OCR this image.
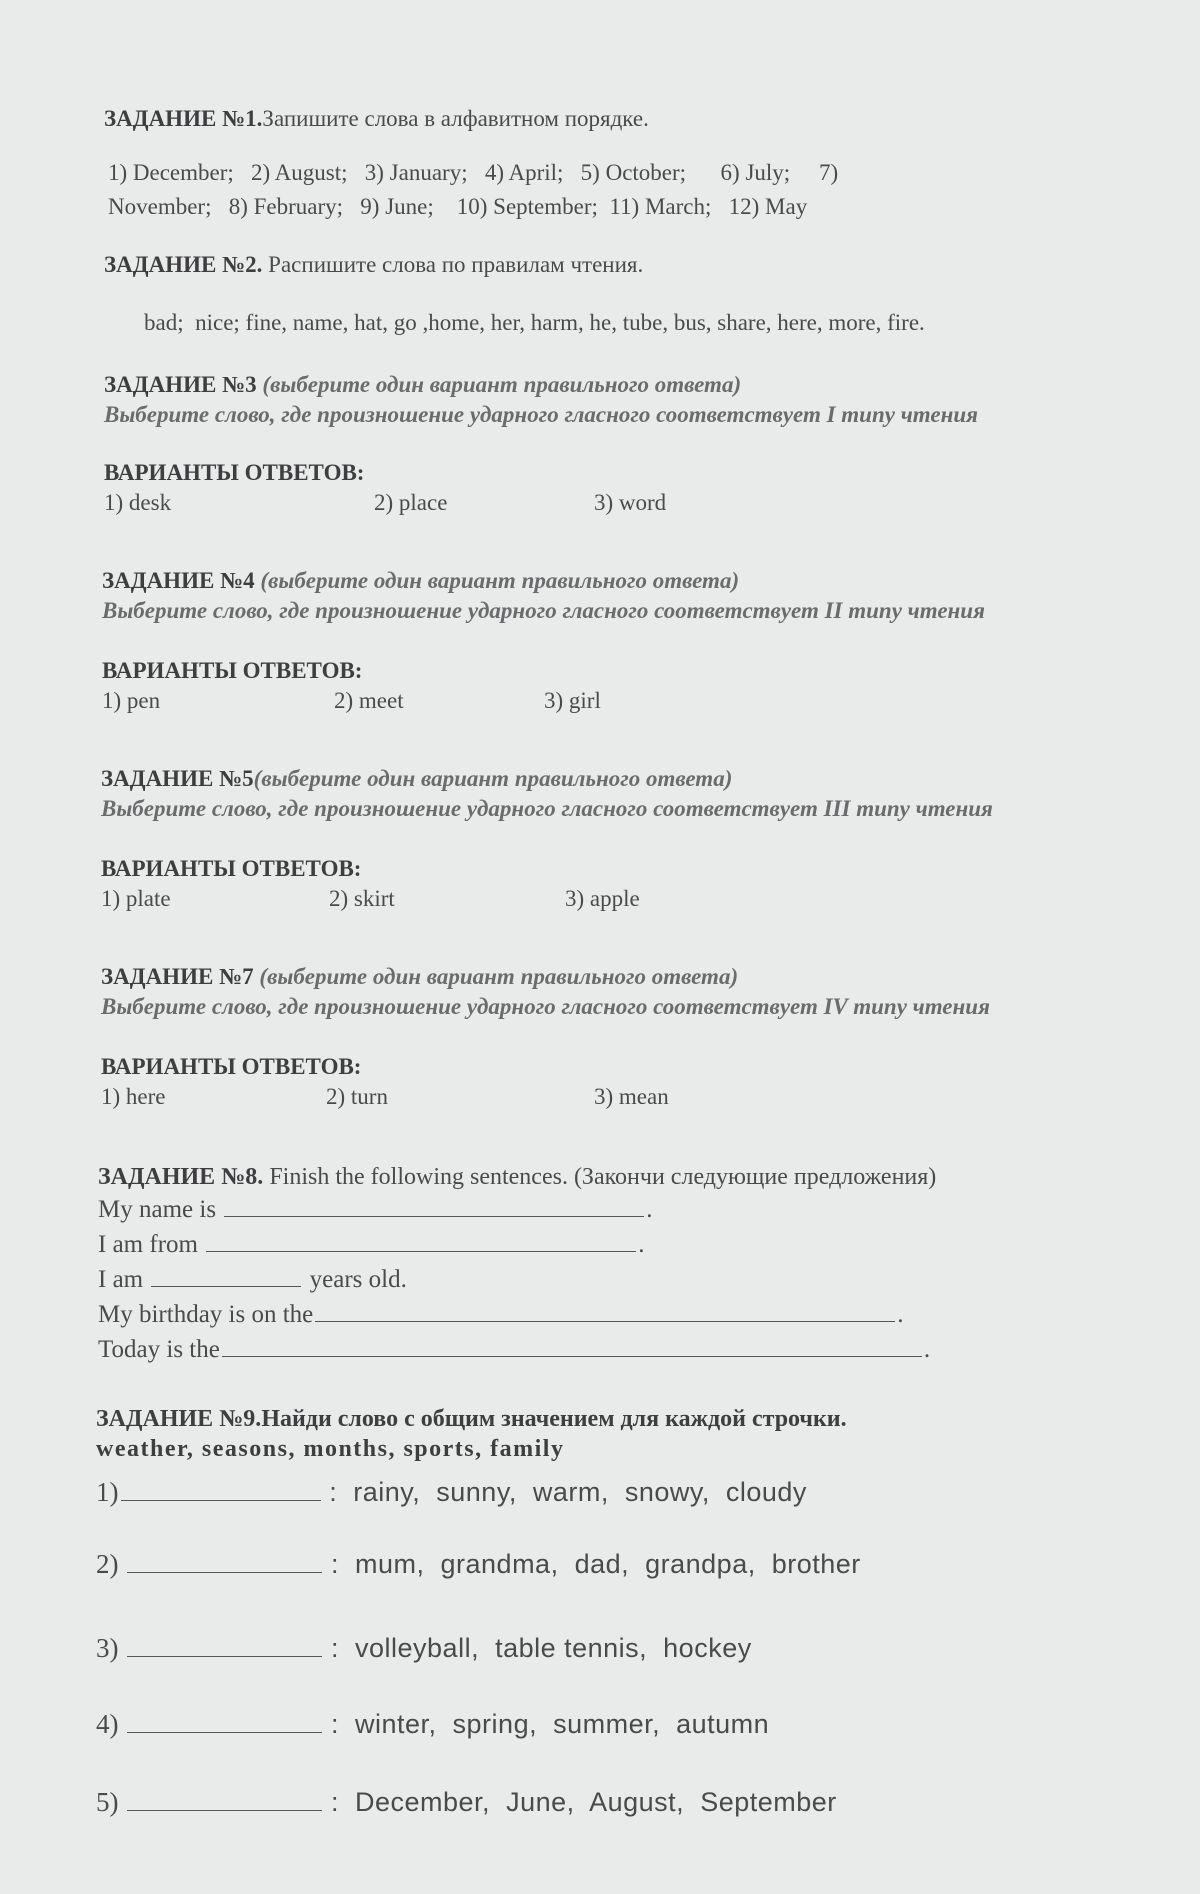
ЗАДАНИЕ №1.Запишите слова в алфавитном порядке.
1) December;   2) August;   3) January;   4) April;   5) October;      6) July;     7)
November;   8) February;   9) June;    10) September;  11) March;   12) May
ЗАДАНИЕ №2. Распишите слова по правилам чтения.
bad;  nice; fine, name, hat, go ,home, her, harm, he, tube, bus, share, here, more, fire.
ЗАДАНИЕ №3 (выберите один вариант правильного ответа)
Выберите слово, где произношение ударного гласного соответствует I типу чтения
ВАРИАНТЫ ОТВЕТОВ:
1) desk	2) place	3) word
ЗАДАНИЕ №4 (выберите один вариант правильного ответа)
Выберите слово, где произношение ударного гласного соответствует II типу чтения
ВАРИАНТЫ ОТВЕТОВ:
1) pen	2) meet	3) girl
ЗАДАНИЕ №5(выберите один вариант правильного ответа)
Выберите слово, где произношение ударного гласного соответствует III типу чтения
ВАРИАНТЫ ОТВЕТОВ:
1) plate	2) skirt	3) apple
ЗАДАНИЕ №7 (выберите один вариант правильного ответа)
Выберите слово, где произношение ударного гласного соответствует IV типу чтения
ВАРИАНТЫ ОТВЕТОВ:
1) here	2) turn	3) mean
ЗАДАНИЕ №8. Finish the following sentences. (Закончи следующие предложения)
My name is	.
I am from	.
I am	years old.
My birthday is on the	.
Today is the	.
ЗАДАНИЕ №9.Найди слово с общим значением для каждой строчки.
weather, seasons, months, sports, family
1)	:  rainy,  sunny,  warm,  snowy,  cloudy
2)	:  mum,  grandma,  dad,  grandpa,  brother
3)	:  volleyball,  table tennis,  hockey
4)	:  winter,  spring,  summer,  autumn
5)	:  December,  June,  August,  September
